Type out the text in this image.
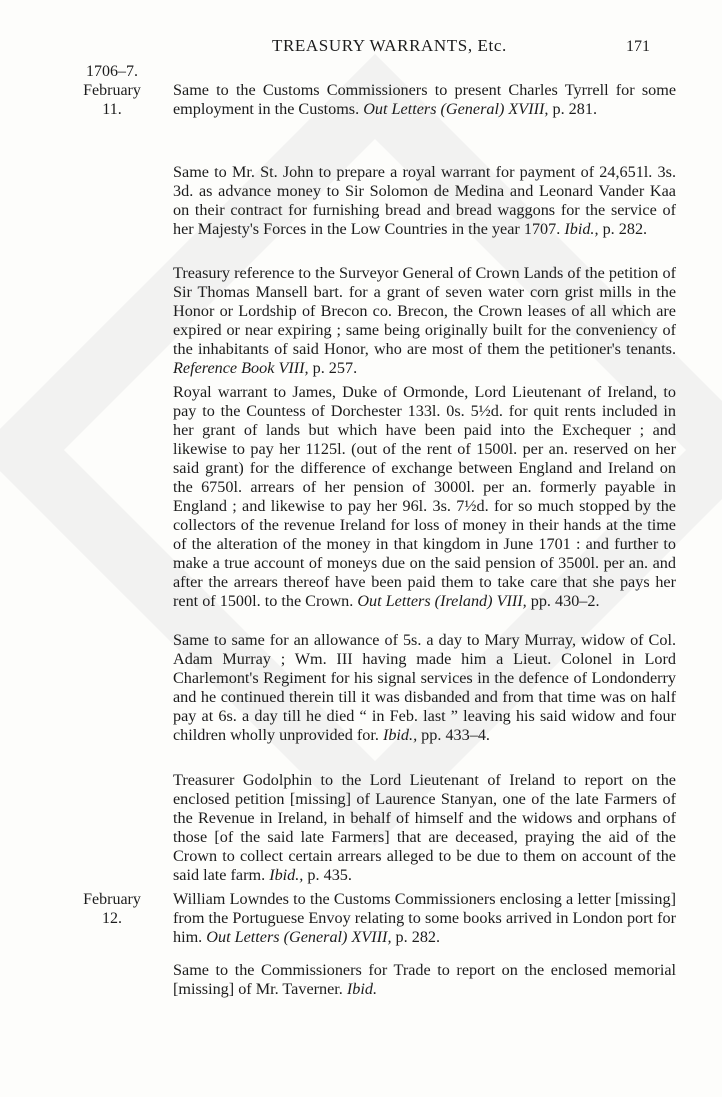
TREASURY WARRANTS, Etc.	171
1706–7.
February
11.
February
12.

Same to the Customs Commissioners to present Charles Tyrrell for some employment in the Customs. Out Letters (General) XVIII, p. 281.

Same to Mr. St. John to prepare a royal warrant for payment of 24,651l. 3s. 3d. as advance money to Sir Solomon de Medina and Leonard Vander Kaa on their contract for furnishing bread and bread waggons for the service of her Majesty's Forces in the Low Countries in the year 1707. Ibid., p. 282.

Treasury reference to the Surveyor General of Crown Lands of the petition of Sir Thomas Mansell bart. for a grant of seven water corn grist mills in the Honor or Lordship of Brecon co. Brecon, the Crown leases of all which are expired or near expiring ; same being originally built for the conveniency of the inhabitants of said Honor, who are most of them the petitioner's tenants. Reference Book VIII, p. 257.

Royal warrant to James, Duke of Ormonde, Lord Lieutenant of Ireland, to pay to the Countess of Dorchester 133l. 0s. 5½d. for quit rents included in her grant of lands but which have been paid into the Exchequer ; and likewise to pay her 1125l. (out of the rent of 1500l. per an. reserved on her said grant) for the difference of exchange between England and Ireland on the 6750l. arrears of her pension of 3000l. per an. formerly payable in England ; and likewise to pay her 96l. 3s. 7½d. for so much stopped by the collectors of the revenue Ireland for loss of money in their hands at the time of the alteration of the money in that kingdom in June 1701 : and further to make a true account of moneys due on the said pension of 3500l. per an. and after the arrears thereof have been paid them to take care that she pays her rent of 1500l. to the Crown. Out Letters (Ireland) VIII, pp. 430–2.

Same to same for an allowance of 5s. a day to Mary Murray, widow of Col. Adam Murray ; Wm. III having made him a Lieut. Colonel in Lord Charlemont's Regiment for his signal services in the defence of Londonderry and he continued therein till it was disbanded and from that time was on half pay at 6s. a day till he died “ in Feb. last ” leaving his said widow and four children wholly unprovided for. Ibid., pp. 433–4.

Treasurer Godolphin to the Lord Lieutenant of Ireland to report on the enclosed petition [missing] of Laurence Stanyan, one of the late Farmers of the Revenue in Ireland, in behalf of himself and the widows and orphans of those [of the said late Farmers] that are deceased, praying the aid of the Crown to collect certain arrears alleged to be due to them on account of the said late farm. Ibid., p. 435.

William Lowndes to the Customs Commissioners enclosing a letter [missing] from the Portuguese Envoy relating to some books arrived in London port for him. Out Letters (General) XVIII, p. 282.

Same to the Commissioners for Trade to report on the enclosed memorial [missing] of Mr. Taverner. Ibid.
